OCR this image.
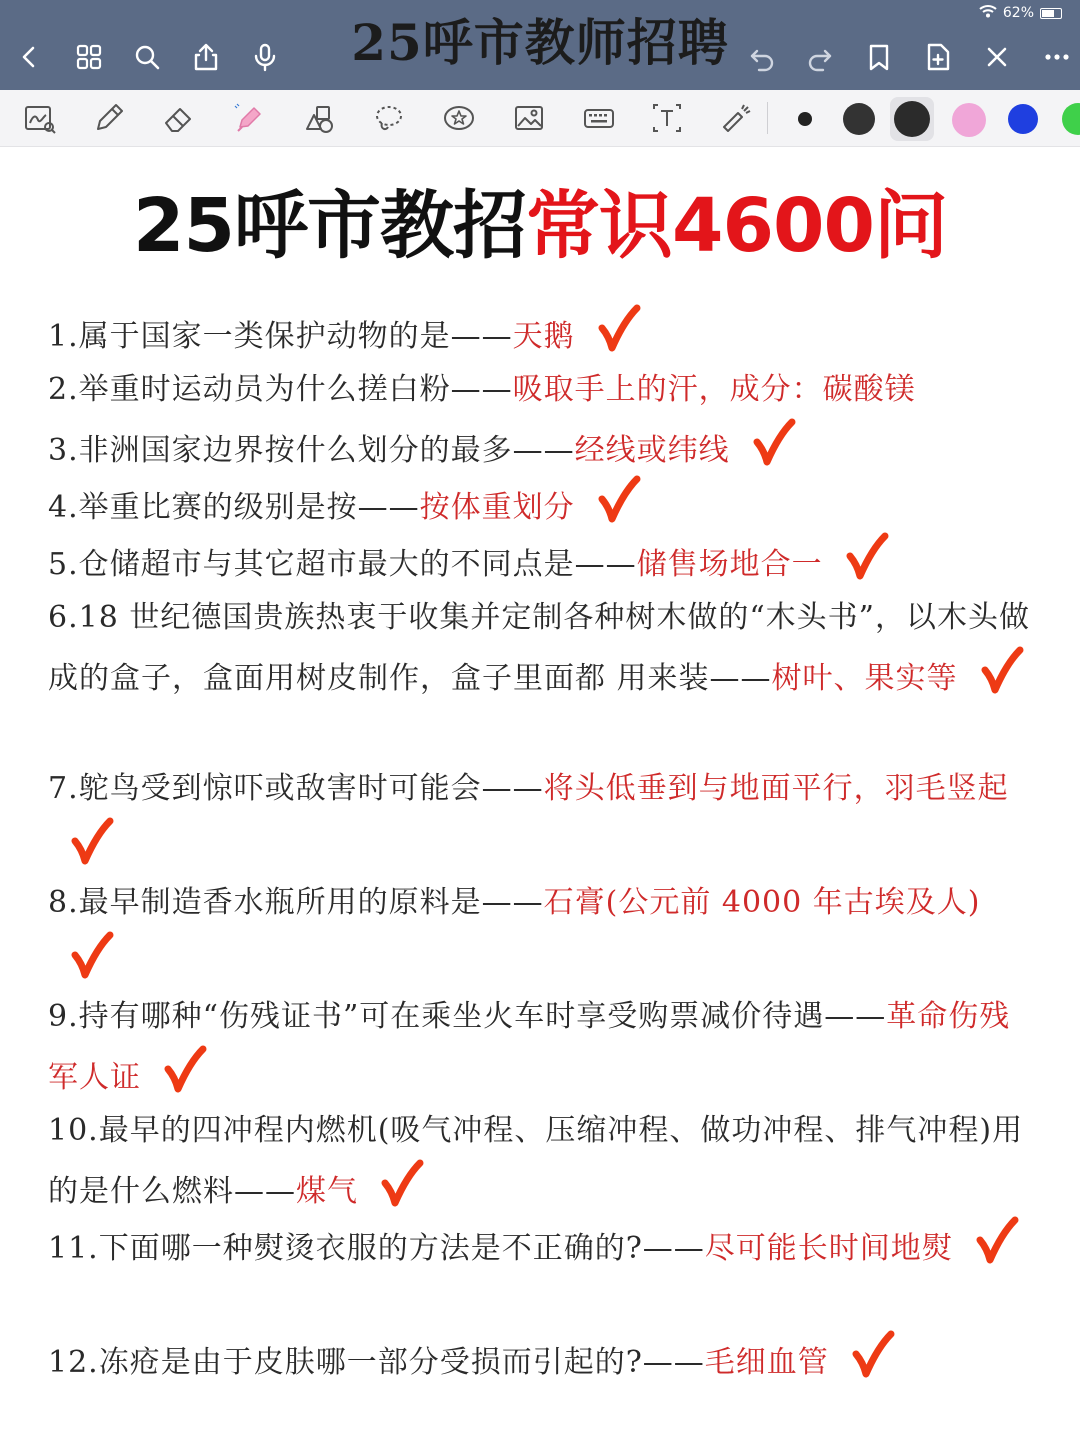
62%
25呼市教师招聘
25呼市教招常识4600问
1.属于国家一类保护动物的是——天鹅
2.举重时运动员为什么搓白粉——吸取手上的汗，成分：碳酸镁
3.非洲国家边界按什么划分的最多——经线或纬线
4.举重比赛的级别是按——按体重划分
5.仓储超市与其它超市最大的不同点是——储售场地合一
6.18 世纪德国贵族热衷于收集并定制各种树木做的“木头书”，以木头做成的盒子，盒面用树皮制作，盒子里面都 用来装——树叶、果实等
7.鸵鸟受到惊吓或敌害时可能会——将头低垂到与地面平行，羽毛竖起
8.最早制造香水瓶所用的原料是——石膏(公元前 4000 年古埃及人)
9.持有哪种“伤残证书”可在乘坐火车时享受购票减价待遇——革命伤残军人证
10.最早的四冲程内燃机(吸气冲程、压缩冲程、做功冲程、排气冲程)用的是什么燃料——煤气
11.下面哪一种熨烫衣服的方法是不正确的?——尽可能长时间地熨
12.冻疮是由于皮肤哪一部分受损而引起的?——毛细血管
